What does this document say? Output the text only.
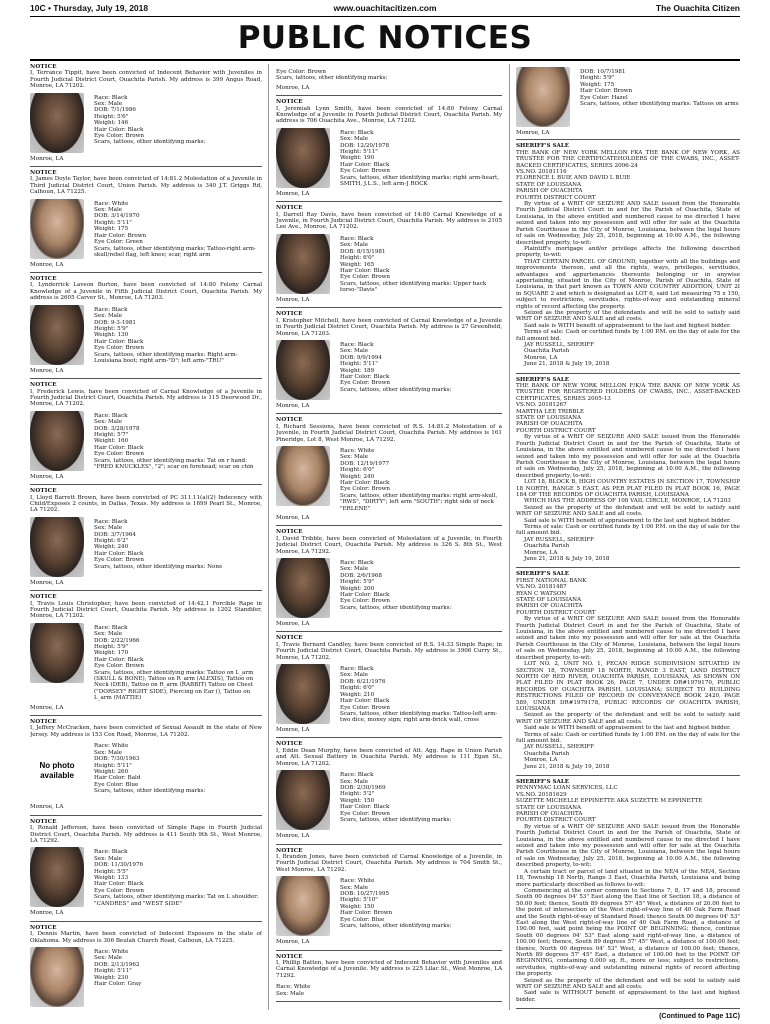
10C • Thursday, July 19, 2018	www.ouachitacitizen.com	The Ouachita Citizen
PUBLIC NOTICES
NOTICE
I, Terrance Tippit, have been convicted of Indecent Behavior with Juveniles in Fourth Judicial District Court, Ouachita Parish. My address is 399 Angus Road, Monroe, LA 71202.
Race: Black
Sex: Male
DOB: 7/1/1986
Height: 5'6"
Weight: 146
Hair Color: Black
Eye Color: Brown
Scars, tattoos, other identifying marks:
Monroe, LA
NOTICE
I, James Doyle Taylor, have been convicted of 14:81.2 Molestation of a Juvenile in Third Judicial District Court, Union Parish. My address is 340 J.T. Griggs Rd, Calhoun, LA 71225.
Race: White
Sex: Male
DOB: 3/14/1970
Height: 5'11"
Weight: 175
Hair Color: Brown
Eye Color: Green
Scars, tattoos, other identifying marks: Tattoo-right arm-skull/rebel flag, left knee; scar, right arm
Monroe, LA
NOTICE
I, Lynderrick Laveon Burton, have been convicted of 14:80 Felony Carnal Knowledge of a Juvenile in Fifth Judicial District Court, Ouachita Parish. My address is 2605 Carver St., Monroe, LA 71203.
Race: Black
Sex: Male
DOB: 9-3-1981
Height: 5'9"
Weight: 130
Hair Color: Black
Eye Color: Brown
Scars, tattoos, other identifying marks: Right arm-Louisiana boot; right arm-"D"; left arm-"TRU"
Monroe, LA
NOTICE
I, Frederick Lewis, have been convicted of Carnal Knowledge of a Juvenile in Fourth Judicial District Court, Ouachita Parish. My address is 115 Deerwood Dr., Monroe, LA 71202.
Race: Black
Sex: Male
DOB: 3/28/1978
Height: 5'7"
Weight: 160
Hair Color: Black
Eye Color: Brown
Scars, tattoos, other identifying marks: Tat on r hand: "FRED KNUCKLES", "2"; scar on forehead; scar on chin
Monroe, LA
NOTICE
I, Lloyd Barrett Brown, have been convicted of PC 311.11(a)(2) Indecency with Child/Exposes 2 counts, in Dallas, Texas. My address is 1699 Pearl St., Monroe, LA 71202.
Race: Black
Sex: Male
DOB: 3/7/1964
Height: 6'2"
Weight: 240
Hair Color: Black
Eye Color: Brown
Scars, tattoos, other identifying marks: None
Monroe, LA
NOTICE
I, Travis Louis Christopher, have been convicted of 14:42.1 Forcible Rape in Fourth Judicial District Court, Ouachita Parish. My address is 1202 Standifer, Monroe, LA 71202.
Race: Black
Sex: Male
DOB: 2/22/1966
Height: 5'9"
Weight: 170
Hair Color: Black
Eye Color: Brown
Scars, tattoos, other identifying marks: Tattoo on L_arm (SKULL & BONE), Tattoo on R_arm (ALEXIS), Tattoo on Neck (DEB), Tattoo on R_arm (RABBIT) Tattoo on Chest ("DORSEY" RIGHT SIDE), Piercing on Ear (), Tattoo on L_arm (MATTIE)
Monroe, LA
NOTICE
I, Jeffery McCracken, have been convicted of Sexual Assault in the state of New Jersey. My address is 153 Cox Road, Monroe, LA 71202.
No photo available
Race: White
Sex: Male
DOB: 7/30/1963
Height: 5'11"
Weight: 260
Hair Color: Bald
Eye Color: Blue
Scars, tattoos, other identifying marks:
Monroe, LA
NOTICE
I, Ronald Jefferson, have been convicted of Simple Rape in Fourth Judicial District Court, Ouachita Parish. My address is 411 South 9th St., West Monroe, LA 71292.
Race: Black
Sex: Male
DOB: 11/30/1976
Height: 5'5"
Weight: 133
Hair Color: Black
Eye Color: Brown
Scars, tattoos, other identifying marks: Tat on L shoulder: "CANDRES" and "WEST SIDE"
Monroe, LA
NOTICE
I, Dennis Martin, have been convicted of Indecent Exposure in the state of Oklahoma. My address is 306 Beulah Church Road, Calhoun, LA 71225.
Race: White
Sex: Male
DOB: 2/13/1962
Height: 5'11"
Weight: 230
Hair Color: Gray
Eye Color: Brown
Scars, tattoos, other identifying marks:
Monroe, LA
NOTICE
I, Jeremiah Lynn Smith, have been convicted of 14:80 Felony Carnal Knowledge of a Juvenile in Fourth Judicial District Court, Ouachita Parish. My address is 706 Ouachita Ave., Monroe, LA 71202.
Race: Black
Sex: Male
DOB: 12/20/1978
Height: 5'11"
Weight: 190
Hair Color: Black
Eye Color: Brown
Scars, tattoos, other identifying marks: right arm-heart, SMITH, J.L.S., left arm-J ROCK
Monroe, LA
NOTICE
I, Darrell Ray Davis, have been convicted of 14:80 Carnal Knowledge of a Juvenile, in Fourth Judicial District Court, Ouachita Parish. My address is 2105 Lee Ave., Monroe, LA 71202.
Race: Black
Sex: Male
DOB: 8/15/1981
Height: 6'0"
Weight: 165
Hair Color: Black
Eye Color: Brown
Scars, tattoos, other identifying marks: Upper back torso-"Davis"
Monroe, LA
NOTICE
I, Kristopher Mitchell, have been convicted of Carnal Knowledge of a Juvenile in Fourth Judicial District Court, Ouachita Parish. My address is 27 Greenfield, Monroe, LA 71203.
Race: Black
Sex: Male
DOB: 9/9/1994
Height: 5'11"
Weight: 189
Hair Color: Black
Eye Color: Brown
Scars, tattoos, other identifying marks:
Monroe, LA
NOTICE
I, Richard Sessions, have been convicted of R.S. 14:81.2 Molestation of a Juvenile, in Fourth Judicial District Court, Ouachita Parish. My address is 161 Pineridge, Lot 8, West Monroe, LA 71292.
Race: White
Sex: Male
DOB: 12/19/1977
Height: 6'0"
Weight: 240
Hair Color: Black
Eye Color: Brown
Scars, tattoos, other identifying marks: right arm-skull, "RWS", "DIRTY"; left arm "SOUTH"; right side of neck "ERLENE"
Monroe, LA
NOTICE
I, David Tribble, have been convicted of Molestation of a Juvenile, in Fourth Judicial District Court, Ouachita Parish. My address is 326 S. 8th St., West Monroe, LA 71292.
Race: Black
Sex: Male
DOB: 2/6/1968
Height: 5'9"
Weight: 200
Hair Color: Black
Eye Color: Brown
Scars, tattoos, other identifying marks:
Monroe, LA
NOTICE
I, Travis Bernard Candley, have been convicted of R.S. 14:33 Simple Rape; in Fourth Judicial District Court, Ouachita Parish. My address is 3906 Curry St., Monroe, LA 71202.
Race: Black
Sex: Male
DOB: 6/21/1976
Height: 6'0"
Weight: 210
Hair Color: Black
Eye Color: Brown
Scars, tattoos, other identifying marks: Tattoo-left arm- two dice, money sign; right arm-brick wall, cross
Monroe, LA
NOTICE
I, Eddie Dean Murphy, have been convicted of Att. Agg. Rape in Union Parish and Att. Sexual Battery in Ouachita Parish. My address is 111 Egan St., Monroe, LA 71202.
Race: Black
Sex: Male
DOB: 2/30/1969
Height: 5'2"
Weight: 150
Hair Color: Black
Eye Color: Brown
Scars, tattoos, other identifying marks:
Monroe, LA
NOTICE
I, Brandon Jones, have been convicted of Carnal Knowledge of a Juvenile, in Fourth Judicial District Court, Ouachita Parish. My address is 704 Smith St., West Monroe, LA 71292.
Race: White
Sex: Male
DOB: 10/27/1995
Height: 5'10"
Weight: 150
Hair Color: Brown
Eye Color: Blue
Scars, tattoos, other identifying marks:
Monroe, LA
NOTICE
I, Phillip Batten, have been convicted of Indecent Behavior with Juveniles and Carnal Knowledge of a Juvenile. My address is 225 Lilac St., West Monroe, LA 71292.
Race: White
Sex: Male
DOB: 10/7/1981
Height: 5'9"
Weight: 175
Hair Color: Brown
Eye Color: Hazel
Scars, tattoos, other identifying marks: Tattoos on arms
Monroe, LA
SHERIFF'S SALE
THE BANK OF NEW YORK MELLON FKA THE BANK OF NEW YORK, AS TRUSTEE FOR THE CERTIFICATEHOLDERS OF THE CWABS, INC., ASSET-BACKED CERTIFICATES, SERIES 2006-24
VS.NO. 20181116
FLORENCE L BUIE AND DAVID L BUIE
STATE OF LOUISIANA
PARISH OF OUACHITA
FOURTH DISTRICT COURT
By virtue of a WRIT OF SEIZURE AND SALE issued from the Honorable Fourth Judicial District Court in and for the Parish of Ouachita, State of Louisiana, in the above entitled and numbered cause to me directed I have seized and taken into my possession and will offer for sale at the Ouachita Parish Courthouse in the City of Monroe, Louisiana, between the legal hours of sale on Wednesday, July 25, 2018, beginning at 10:00 A.M., the following described property, to-wit:
Plaintiff's mortgage and/or privilege affects the following described property, to-wit:
THAT CERTAIN PARCEL OF GROUND, together with all the buildings and improvements thereon, and all the rights, ways, privileges, servitudes, advantages and appurtenances thereunto belonging or in anywise appertaining, situated in the City of Monroe, Parish of Ouachita, State of Louisiana, in that part known as TOWN AND COUNTRY ADDITION, UNIT 2I in SQUARE 2 and which is designated as LOT 6, said Lot measuring 75 x 150, subject to restrictions, servitudes, rights-of-way and outstanding mineral rights of record affecting the property.
Seized as the property of the defendants and will be sold to satisfy said WRIT OF SEIZURE AND SALE and all costs.
Said sale is WITH benefit of appraisement to the last and highest bidder.
Terms of sale: Cash or certified funds by 1:00 P.M. on the day of sale for the full amount bid.
JAY RUSSELL, SHERIFF
Ouachita Parish
Monroe, LA
June 21, 2018 & July 19, 2018
SHERIFF'S SALE
THE BANK OF NEW YORK MELLON F/K/A THE BANK OF NEW YORK AS TRUSTEE FOR REGISTERED HOLDERS OF CWABS, INC., ASSET-BACKED CERTIFICATES, SERIES 2005-13
VS.NO. 20181267
MARTHA LEE TRIBBLE
STATE OF LOUISIANA
PARISH OF OUACHITA
FOURTH DISTRICT COURT
By virtue of a WRIT OF SEIZURE AND SALE issued from the Honorable Fourth Judicial District Court in and for the Parish of Ouachita, State of Louisiana, in the above entitled and numbered cause to me directed I have seized and taken into my possession and will offer for sale at the Ouachita Parish Courthouse in the City of Monroe, Louisiana, between the legal hours of sale on Wednesday, July 25, 2018, beginning at 10:00 A.M., the following described property, to-wit:
LOT 18, BLOCK B, HIGH COUNTRY ESTATES IN SECTION 17, TOWNSHIP 18 NORTH, RANGE 5 EAST, AS PER PLAT FILED IN PLAT BOOK 16, PAGE 184 OF THE RECORDS OF OUACHITA PARISH, LOUISIANA
WHICH HAS THE ADDRESS OF 108 VAIL CIRCLE, MONROE, LA 71203
Seized as the property of the defendant and will be sold to satisfy said WRIT OF SEIZURE AND SALE and all costs.
Said sale is WITH benefit of appraisement to the last and highest bidder.
Terms of sale: Cash or certified funds by 1:00 P.M. on the day of sale for the full amount bid.
JAY RUSSELL, SHERIFF
Ouachita Parish
Monroe, LA
June 21, 2018 & July 19, 2018
SHERIFF'S SALE
FIRST NATIONAL BANK
VS.NO. 20181487
RYAN C WATSON
STATE OF LOUISIANA
PARISH OF OUACHITA
FOURTH DISTRICT COURT
By virtue of a WRIT OF SEIZURE AND SALE issued from the Honorable Fourth Judicial District Court in and for the Parish of Ouachita, State of Louisiana, in the above entitled and numbered cause to me directed I have seized and taken into my possession and will offer for sale at the Ouachita Parish Courthouse in the City of Monroe, Louisiana, between the legal hours of sale on Wednesday, July 25, 2018, beginning at 10:00 A.M., the following described property, to-wit:
LOT NO. 2, UNIT NO. 1, PECAN RIDGE SUBDIVISION SITUATED IN SECTION 18, TOWNSHIP 18 NORTH, RANGE 3 EAST, LAND DISTRICT NORTH OF RED RIVER, OUACHITA PARISH, LOUISIANA, AS SHOWN ON PLAT FILED IN PLAT BOOK 26, PAGE 7, UNDER DR#1979170, PUBLIC RECORDS OF OUACHITA PARISH, LOUISIANA; SUBJECT TO BUILDING RESTRICTIONS FILED OF RECORD IN CONVEYANCE BOOK 2420, PAGE 589, UNDER DR#1979178, PUBLIC RECORDS OF OUACHITA PARISH, LOUISIANA
Seized as the property of the defendant and will be sold to satisfy said WRIT OF SEIZURE AND SALE and all costs.
Said sale is WITH benefit of appraisement to the last and highest bidder.
Terms of sale: Cash or certified funds by 1:00 P.M. on the day of sale for the full amount bid.
JAY RUSSELL, SHERIFF
Ouachita Parish
Monroe, LA
June 21, 2018 & July 19, 2018
SHERIFF'S SALE
PENNYMAC LOAN SERVICES, LLC
VS.NO. 20181629
SUZETTE MICHELLE EPPINETTE AKA SUZETTE M EPPINETTE
STATE OF LOUISIANA
PARISH OF OUACHITA
FOURTH DISTRICT COURT
By virtue of a WRIT OF SEIZURE AND SALE issued from the Honorable Fourth Judicial District Court in and for the Parish of Ouachita, State of Louisiana, in the above entitled and numbered cause to me directed I have seized and taken into my possession and will offer for sale at the Ouachita Parish Courthouse in the City of Monroe, Louisiana, between the legal hours of sale on Wednesday, July 25, 2018, beginning at 10:00 A.M., the following described property, to-wit:
A certain tract or parcel of land situated in the NE/4 of the NE/4, Section 18, Township 18 North, Range 3 East, Ouachita Parish, Louisiana and being more particularly described as follows to-wit:
Commencing at the corner common to Sections 7, 8, 17 and 18, proceed South 00 degrees 04' 53" East along the East line of Section 18, a distance of 50.00 feet; thence, South 89 degrees 57' 45" West, a distance of 20.00 feet to the point of intersection of the West right-of-way line of 40 Oak Farm Road and the South right-of-way of Standard Road; thence South 00 degrees 04' 53" East along the West right-of-way line of 40 Oak Farm Road, a distance of 190.00 feet, said point being the POINT OF BEGINNING; thence, continue South 00 degrees 04' 53" East along said right-of-way line, a distance of 100.00 feet; thence, South 89 degrees 57' 45" West, a distance of 100.00 feet; thence, North 00 degrees 04' 53" West, a distance of 100.00 feet; thence, North 89 degrees 57' 45" East, a distance of 100.00 feet to the POINT OF BEGINNING, containing 0.000 sq. ft., more or less; subject to restrictions, servitudes, rights-of-way and outstanding mineral rights of record affecting the property.
Seized as the property of the defendant and will be sold to satisfy said WRIT OF SEIZURE AND SALE and all costs.
Said sale is WITHOUT benefit of appraisement to the last and highest bidder.
(Continued to Page 11C)
